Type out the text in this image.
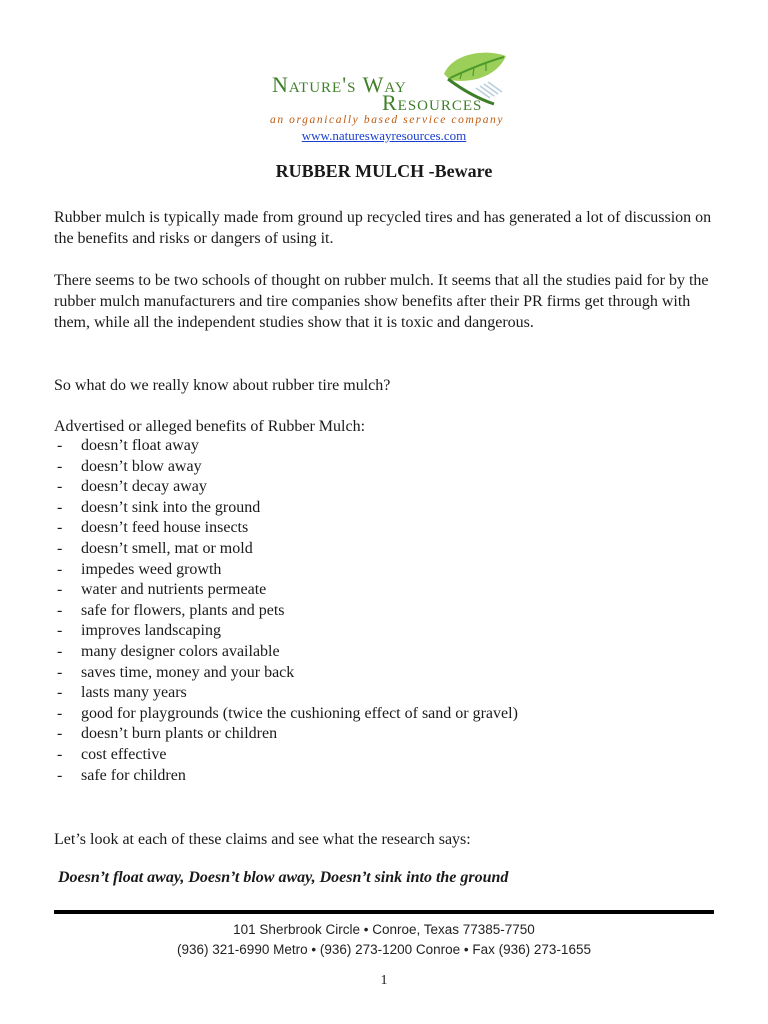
Nature's Way
Resources
an organically based service company
www.natureswayresources.com
RUBBER MULCH -Beware

Rubber mulch is typically made from ground up recycled tires and has generated a lot of discussion on the benefits and risks or dangers of using it.

There seems to be two schools of thought on rubber mulch. It seems that all the studies paid for by the rubber mulch manufacturers and tire companies show benefits after their PR firms get through with them, while all the independent studies show that it is toxic and dangerous.

So what do we really know about rubber tire mulch?

Advertised or alleged benefits of Rubber Mulch:

- doesn’t float away
- doesn’t blow away
- doesn’t decay away
- doesn’t sink into the ground
- doesn’t feed house insects
- doesn’t smell, mat or mold
- impedes weed growth
- water and nutrients permeate
- safe for flowers, plants and pets
- improves landscaping
- many designer colors available
- saves time, money and your back
- lasts many years
- good for playgrounds (twice the cushioning effect of sand or gravel)
- doesn’t burn plants or children
- cost effective
- safe for children

Let’s look at each of these claims and see what the research says:

Doesn’t float away, Doesn’t blow away, Doesn’t sink into the ground
101 Sherbrook Circle • Conroe, Texas 77385-7750
(936) 321-6990 Metro • (936) 273-1200 Conroe • Fax (936) 273-1655
1
